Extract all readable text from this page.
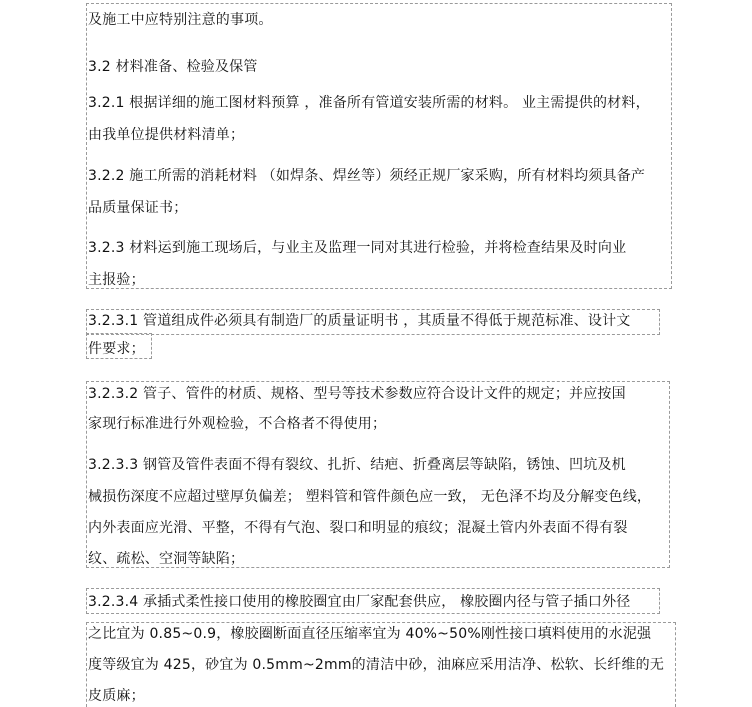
及施工中应特别注意的事项。
3.2 材料准备、检验及保管
3.2.1 根据详细的施工图材料预算 ，准备所有管道安装所需的材料。 业主需提供的材料，
由我单位提供材料清单；
3.2.2 施工所需的消耗材料 （如焊条、焊丝等）须经正规厂家采购，所有材料均须具备产
品质量保证书；
3.2.3 材料运到施工现场后，与业主及监理一同对其进行检验，并将检查结果及时向业
主报验；
3.2.3.1 管道组成件必须具有制造厂的质量证明书 ，其质量不得低于规范标准、设计文
件要求；
3.2.3.2 管子、管件的材质、规格、型号等技术参数应符合设计文件的规定；并应按国
家现行标准进行外观检验，不合格者不得使用；
3.2.3.3 钢管及管件表面不得有裂纹、扎折、结疤、折叠离层等缺陷，锈蚀、凹坑及机
械损伤深度不应超过壁厚负偏差； 塑料管和管件颜色应一致， 无色泽不均及分解变色线，
内外表面应光滑、平整，不得有气泡、裂口和明显的痕纹；混凝土管内外表面不得有裂
纹、疏松、空洞等缺陷；
3.2.3.4 承插式柔性接口使用的橡胶圈宜由厂家配套供应， 橡胶圈内径与管子插口外径
之比宜为 0.85~0.9，橡胶圈断面直径压缩率宜为 40%~50%刚性接口填料使用的水泥强
度等级宜为 425，砂宜为 0.5mm~2mm的清洁中砂，油麻应采用洁净、松软、长纤维的无
皮质麻；
